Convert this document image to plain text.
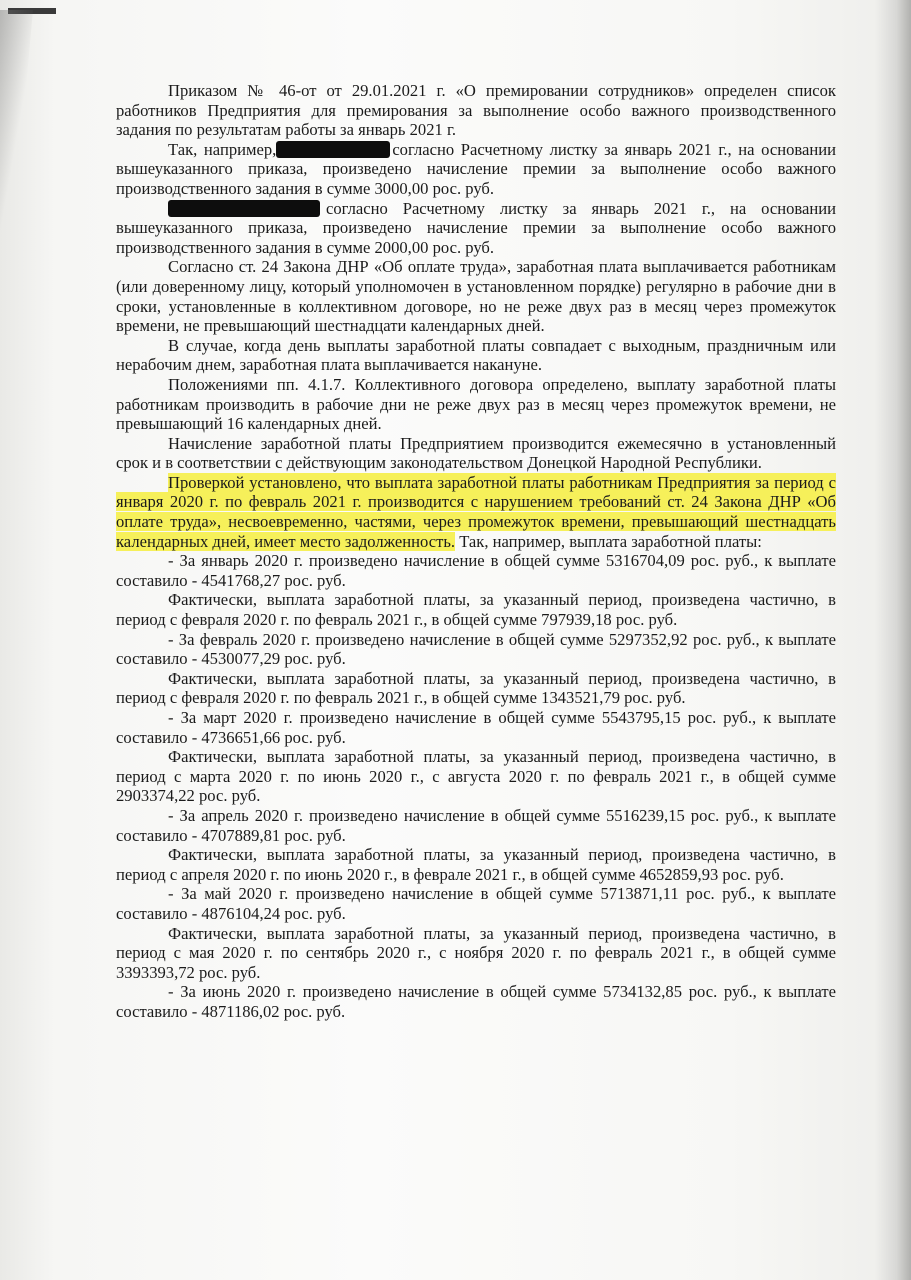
Приказом № 46-от от 29.01.2021 г. «О премировании сотрудников» определен список работников Предприятия для премирования за выполнение особо важного производственного задания по результатам работы за январь 2021 г.

Так, например,	согласно Расчетному листку за январь 2021 г., на основании вышеуказанного приказа, произведено начисление премии за выполнение особо важного производственного задания в сумме 3000,00 рос. руб.

согласно Расчетному листку за январь 2021 г., на основании вышеуказанного приказа, произведено начисление премии за выполнение особо важного производственного задания в сумме 2000,00 рос. руб.

Согласно ст. 24 Закона ДНР «Об оплате труда», заработная плата выплачивается работникам (или доверенному лицу, который уполномочен в установленном порядке) регулярно в рабочие дни в сроки, установленные в коллективном договоре, но не реже двух раз в месяц через промежуток времени, не превышающий шестнадцати календарных дней.

В случае, когда день выплаты заработной платы совпадает с выходным, праздничным или нерабочим днем, заработная плата выплачивается накануне.

Положениями пп. 4.1.7. Коллективного договора определено, выплату заработной платы работникам производить в рабочие дни не реже двух раз в месяц через промежуток времени, не превышающий 16 календарных дней.

Начисление заработной платы Предприятием производится ежемесячно в установленный срок и в соответствии с действующим законодательством Донецкой Народной Республики.

Проверкой установлено, что выплата заработной платы работникам Предприятия за период с января 2020 г. по февраль 2021 г. производится с нарушением требований ст. 24 Закона ДНР «Об оплате труда», несвоевременно, частями, через промежуток времени, превышающий шестнадцать календарных дней, имеет место задолженность. Так, например, выплата заработной платы:

- За январь 2020 г. произведено начисление в общей сумме 5316704,09 рос. руб., к выплате составило - 4541768,27 рос. руб.

Фактически, выплата заработной платы, за указанный период, произведена частично, в период с февраля 2020 г. по февраль 2021 г., в общей сумме 797939,18 рос. руб.

- За февраль 2020 г. произведено начисление в общей сумме 5297352,92 рос. руб., к выплате составило - 4530077,29 рос. руб.

Фактически, выплата заработной платы, за указанный период, произведена частично, в период с февраля 2020 г. по февраль 2021 г., в общей сумме 1343521,79 рос. руб.

- За март 2020 г. произведено начисление в общей сумме 5543795,15 рос. руб., к выплате составило - 4736651,66 рос. руб.

Фактически, выплата заработной платы, за указанный период, произведена частично, в период с марта 2020 г. по июнь 2020 г., с августа 2020 г. по февраль 2021 г., в общей сумме 2903374,22 рос. руб.

- За апрель 2020 г. произведено начисление в общей сумме 5516239,15 рос. руб., к выплате составило - 4707889,81 рос. руб.

Фактически, выплата заработной платы, за указанный период, произведена частично, в период с апреля 2020 г. по июнь 2020 г., в феврале 2021 г., в общей сумме 4652859,93 рос. руб.

- За май 2020 г. произведено начисление в общей сумме 5713871,11 рос. руб., к выплате составило - 4876104,24 рос. руб.

Фактически, выплата заработной платы, за указанный период, произведена частично, в период с мая 2020 г. по сентябрь 2020 г., с ноября 2020 г. по февраль 2021 г., в общей сумме 3393393,72 рос. руб.

- За июнь 2020 г. произведено начисление в общей сумме 5734132,85 рос. руб., к выплате составило - 4871186,02 рос. руб.
